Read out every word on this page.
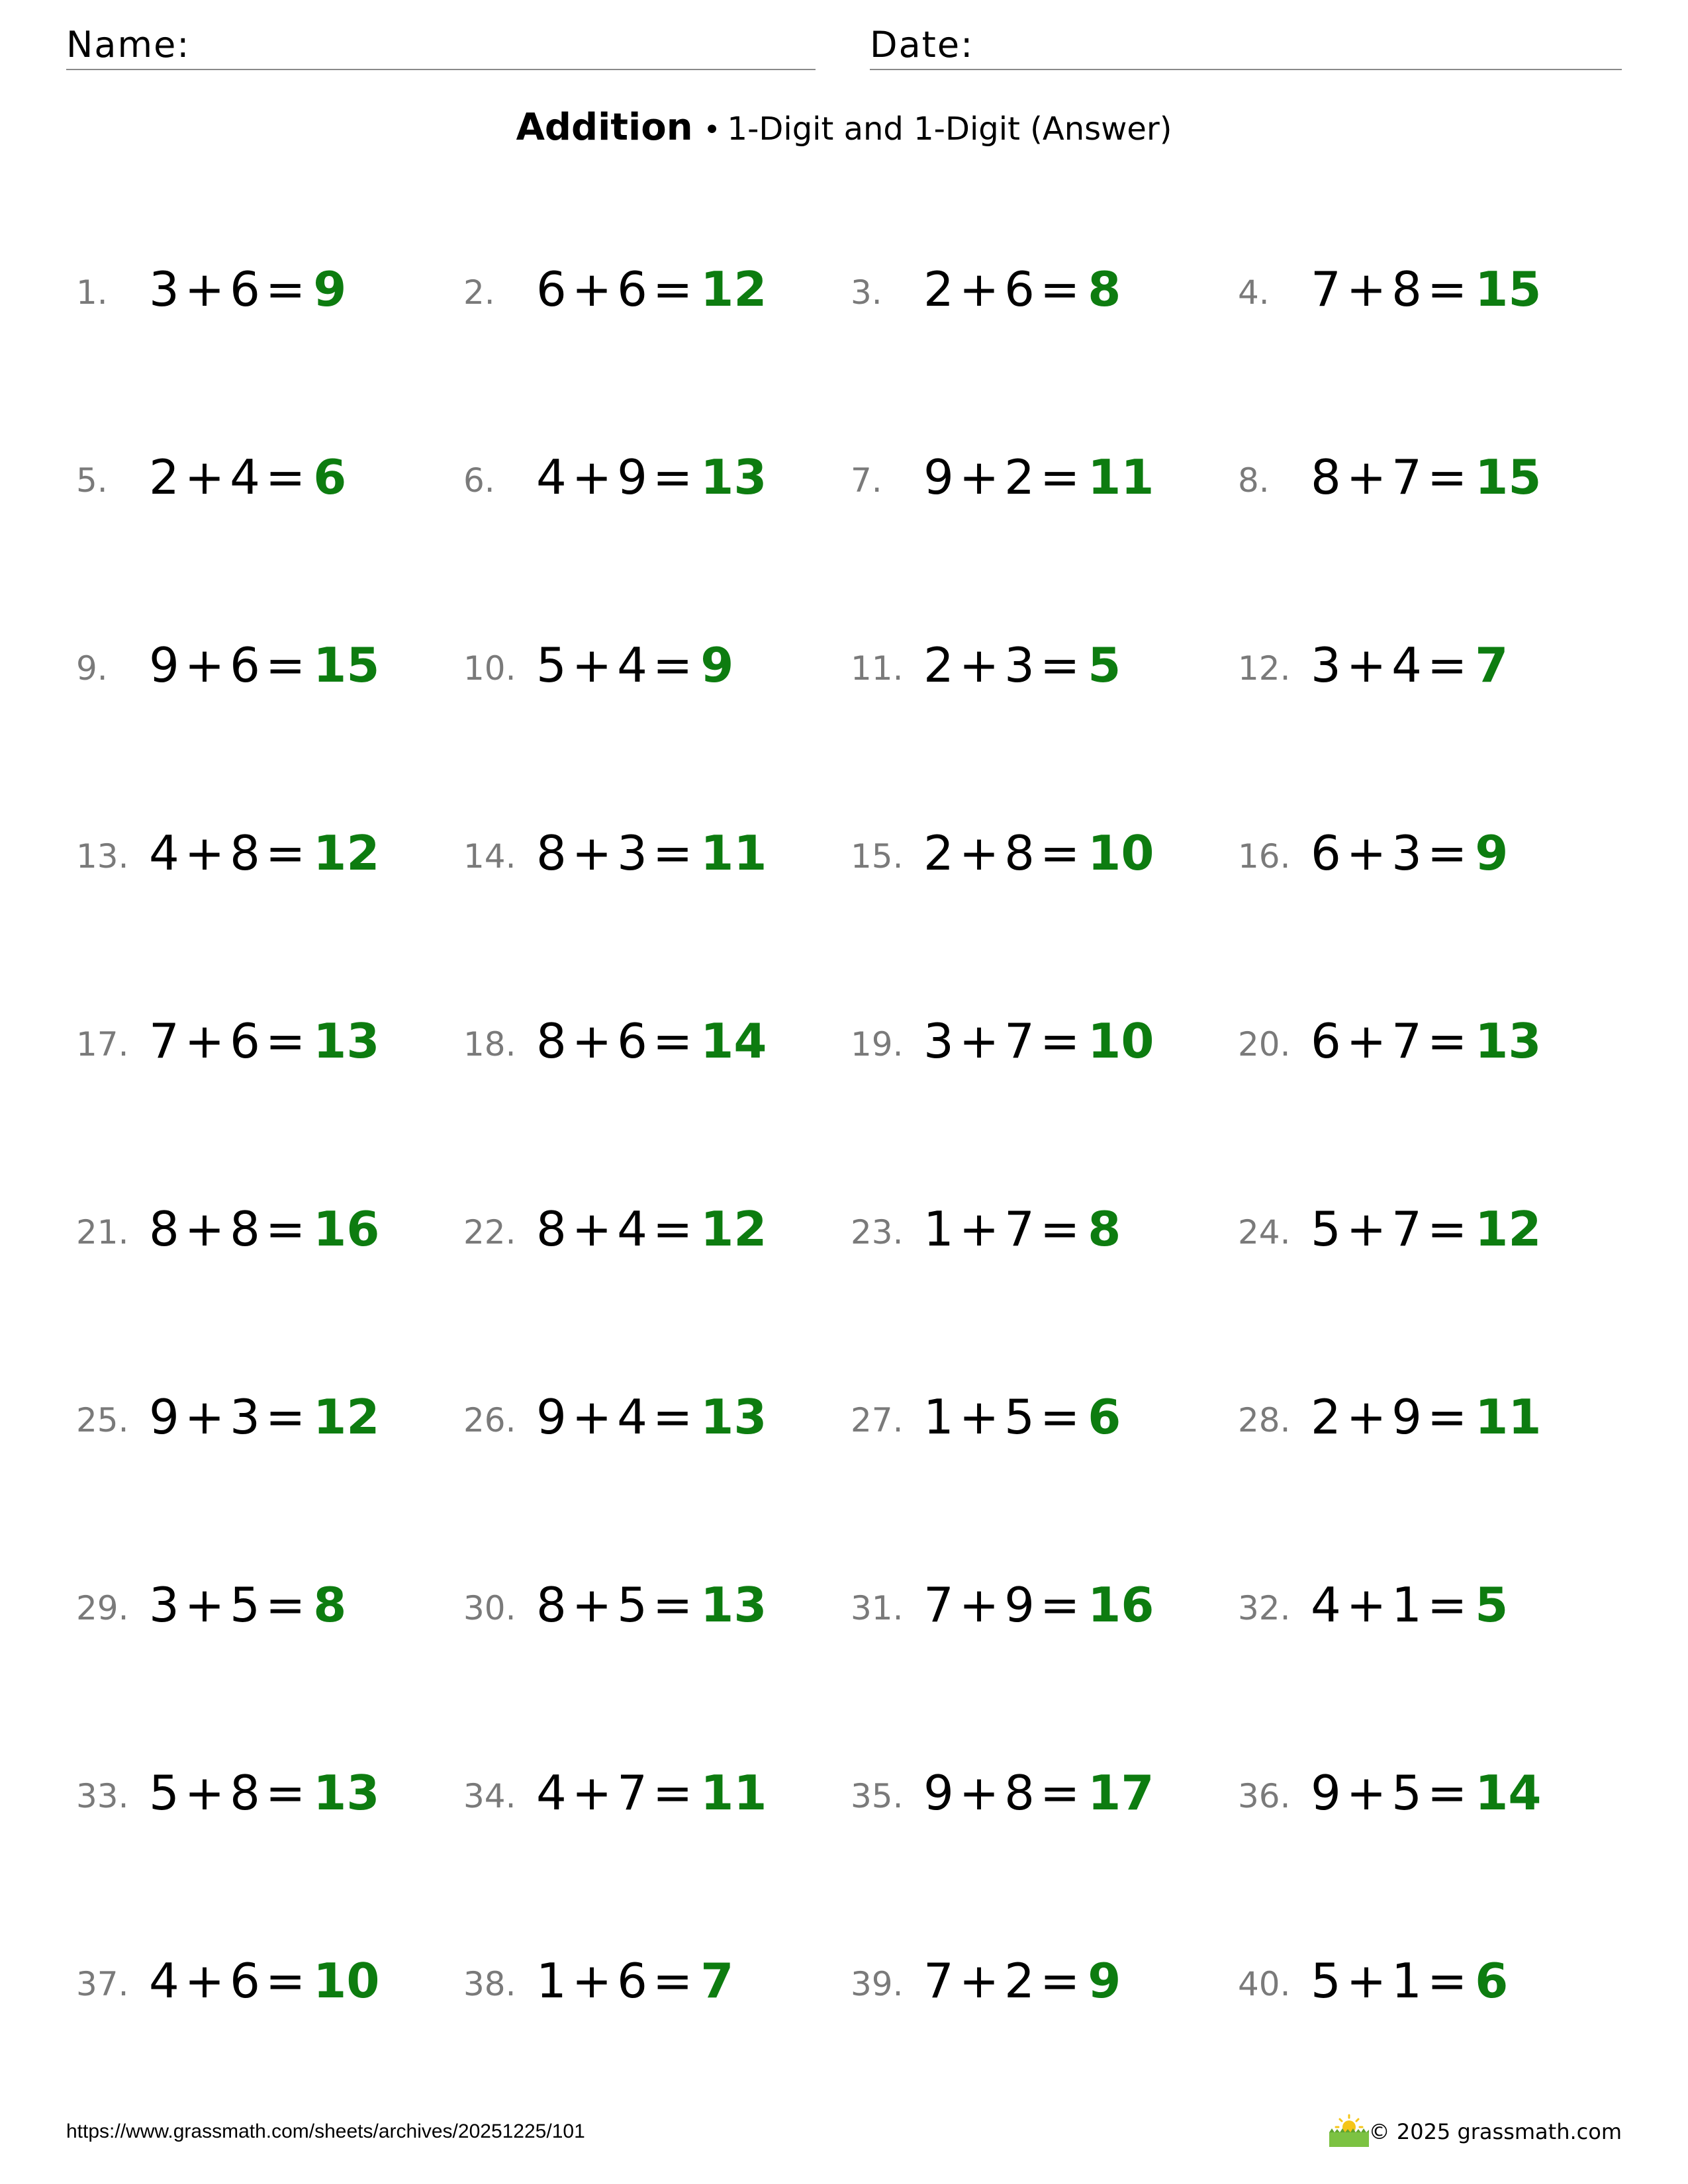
Name:	Date:
Addition • 1-Digit and 1-Digit (Answer)
1. 3 + 6 = 9	2. 6 + 6 = 12	3. 2 + 6 = 8	4. 7 + 8 = 15
5. 2 + 4 = 6	6. 4 + 9 = 13	7. 9 + 2 = 11	8. 8 + 7 = 15
9. 9 + 6 = 15	10. 5 + 4 = 9	11. 2 + 3 = 5	12. 3 + 4 = 7
13. 4 + 8 = 12	14. 8 + 3 = 11	15. 2 + 8 = 10	16. 6 + 3 = 9
17. 7 + 6 = 13	18. 8 + 6 = 14	19. 3 + 7 = 10	20. 6 + 7 = 13
21. 8 + 8 = 16	22. 8 + 4 = 12	23. 1 + 7 = 8	24. 5 + 7 = 12
25. 9 + 3 = 12	26. 9 + 4 = 13	27. 1 + 5 = 6	28. 2 + 9 = 11
29. 3 + 5 = 8	30. 8 + 5 = 13	31. 7 + 9 = 16	32. 4 + 1 = 5
33. 5 + 8 = 13	34. 4 + 7 = 11	35. 9 + 8 = 17	36. 9 + 5 = 14
37. 4 + 6 = 10	38. 1 + 6 = 7	39. 7 + 2 = 9	40. 5 + 1 = 6
https://www.grassmath.com/sheets/archives/20251225/101	© 2025 grassmath.com
